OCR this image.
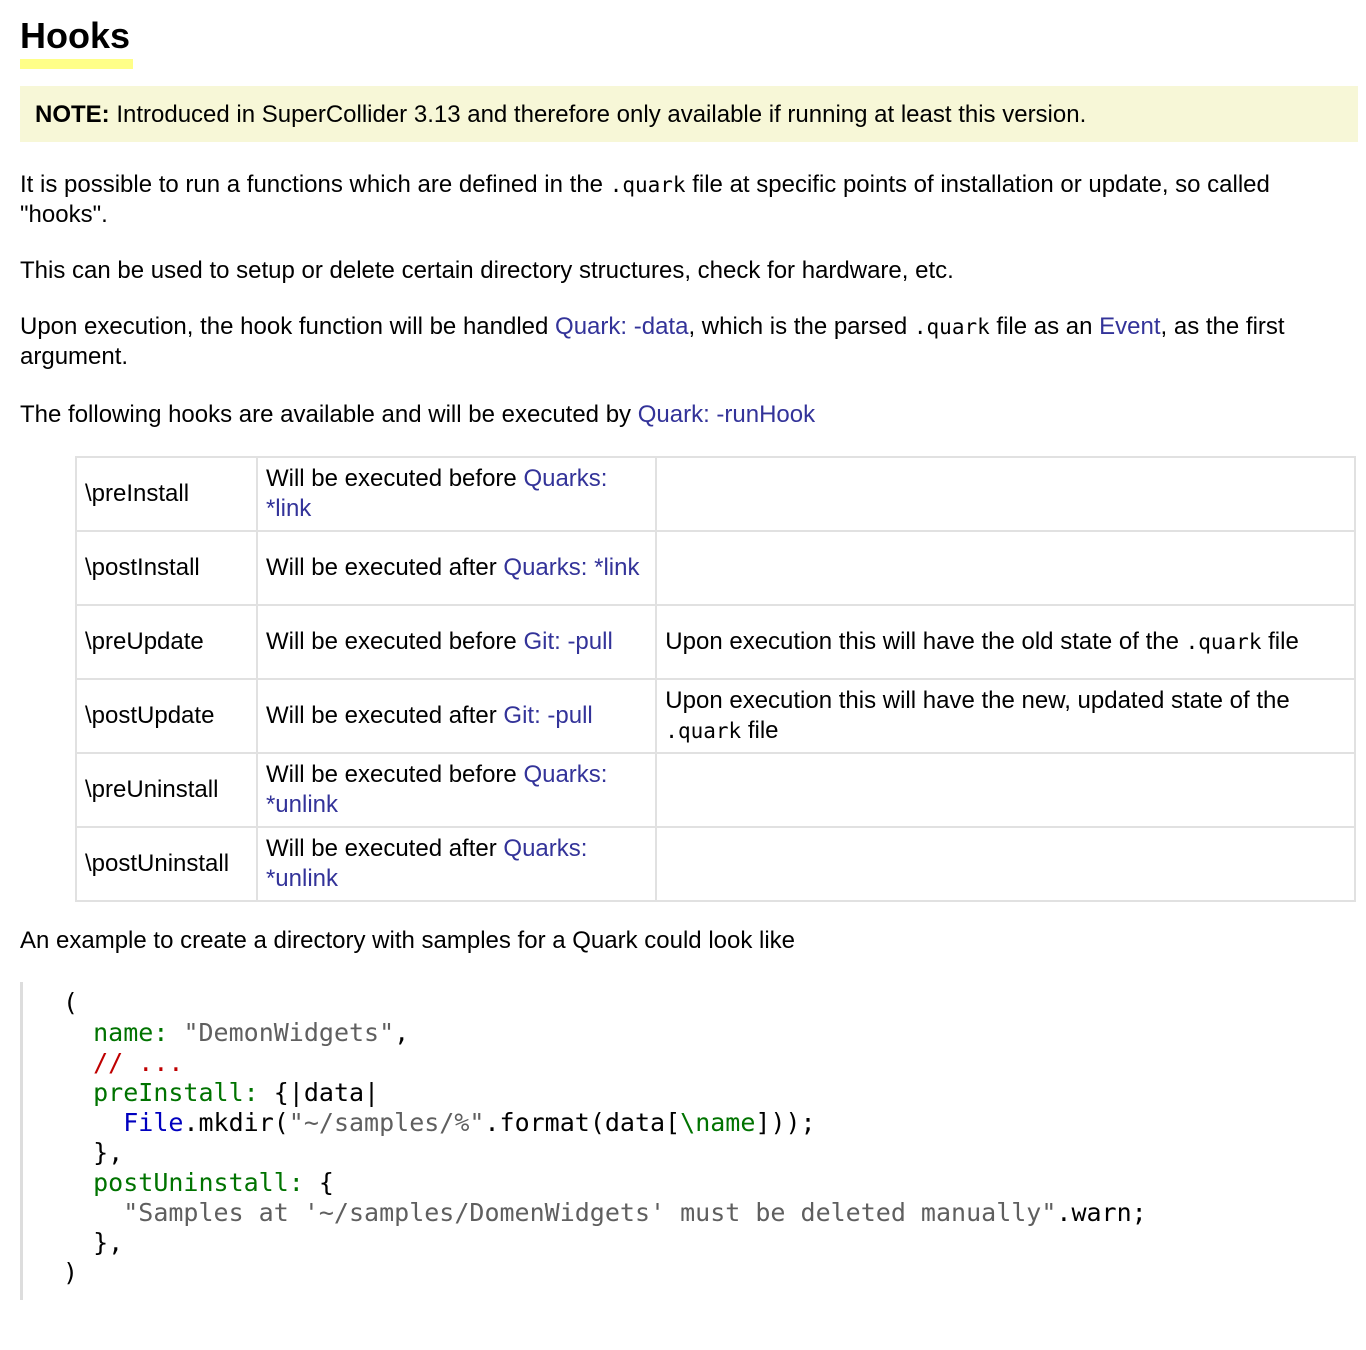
Hooks
NOTE: Introduced in SuperCollider 3.13 and therefore only available if running at least this version.

It is possible to run a functions which are defined in the .quark file at specific points of installation or update, so called "hooks".

This can be used to setup or delete certain directory structures, check for hardware, etc.

Upon execution, the hook function will be handled Quark: -data, which is the parsed .quark file as an Event, as the first argument.

The following hooks are available and will be executed by Quark: -runHook

\preInstall	Will be executed before Quarks: *link	
\postInstall	Will be executed after Quarks: *link	
\preUpdate	Will be executed before Git: -pull	Upon execution this will have the old state of the .quark file
\postUpdate	Will be executed after Git: -pull	Upon execution this will have the new, updated state of the .quark file
\preUninstall	Will be executed before Quarks: *unlink	
\postUninstall	Will be executed after Quarks: *unlink	

An example to create a directory with samples for a Quark could look like

(
name: "DemonWidgets",
// ...
preInstall: {|data|
File.mkdir("~/samples/%".format(data[\name]));
},
postUninstall: {
"Samples at '~/samples/DomenWidgets' must be deleted manually".warn;
},
)
